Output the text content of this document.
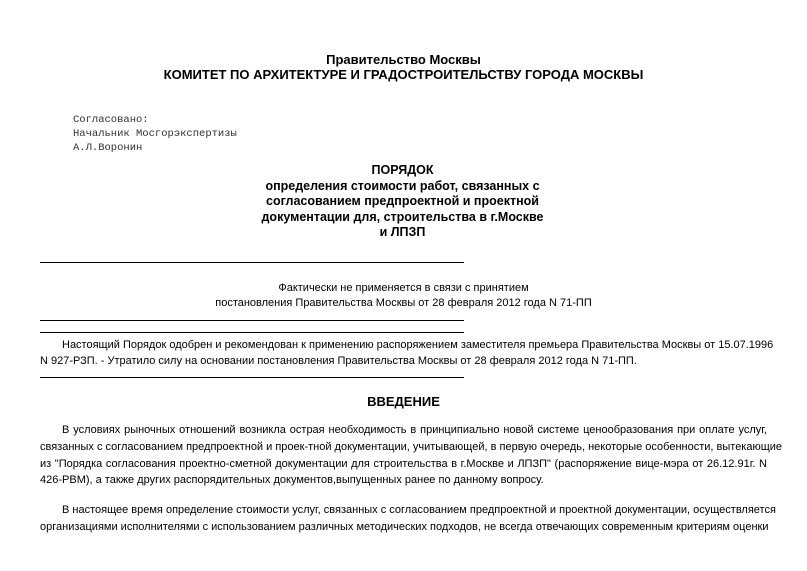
Правительство Москвы
КОМИТЕТ ПО АРХИТЕКТУРЕ И ГРАДОСТРОИТЕЛЬСТВУ ГОРОДА МОСКВЫ
Согласовано:
Начальник Мосгорэкспертизы
А.Л.Воронин
ПОРЯДОК
определения стоимости работ, связанных с
согласованием предпроектной и проектной
документации для, строительства в г.Москве
и ЛПЗП
Фактически не применяется в связи с принятием
постановления Правительства Москвы от 28 февраля 2012 года N 71-ПП
Настоящий Порядок одобрен и рекомендован к применению распоряжением заместителя премьера Правительства Москвы от 15.07.1996
N 927-РЗП. - Утратило силу на основании постановления Правительства Москвы от 28 февраля 2012 года N 71-ПП.
ВВЕДЕНИЕ
В условиях рыночных отношений возникла острая необходимость в принципиально новой системе ценообразования при оплате услуг,
связанных с согласованием предпроектной и проек-тной документации, учитывающей, в первую очередь, некоторые особенности, вытекающие
из "Порядка согласования проектно-сметной документации для строительства в г.Москве и ЛПЗП" (распоряжение вице-мэра от 26.12.91г. N
426-РВМ), а также других распорядительных документов,выпущенных ранее по данному вопросу.
В настоящее время определение стоимости услуг, связанных с согласованием предпроектной и проектной документации, осуществляется
организациями исполнителями с использованием различных методических подходов, не всегда отвечающих современным критериям оценки
